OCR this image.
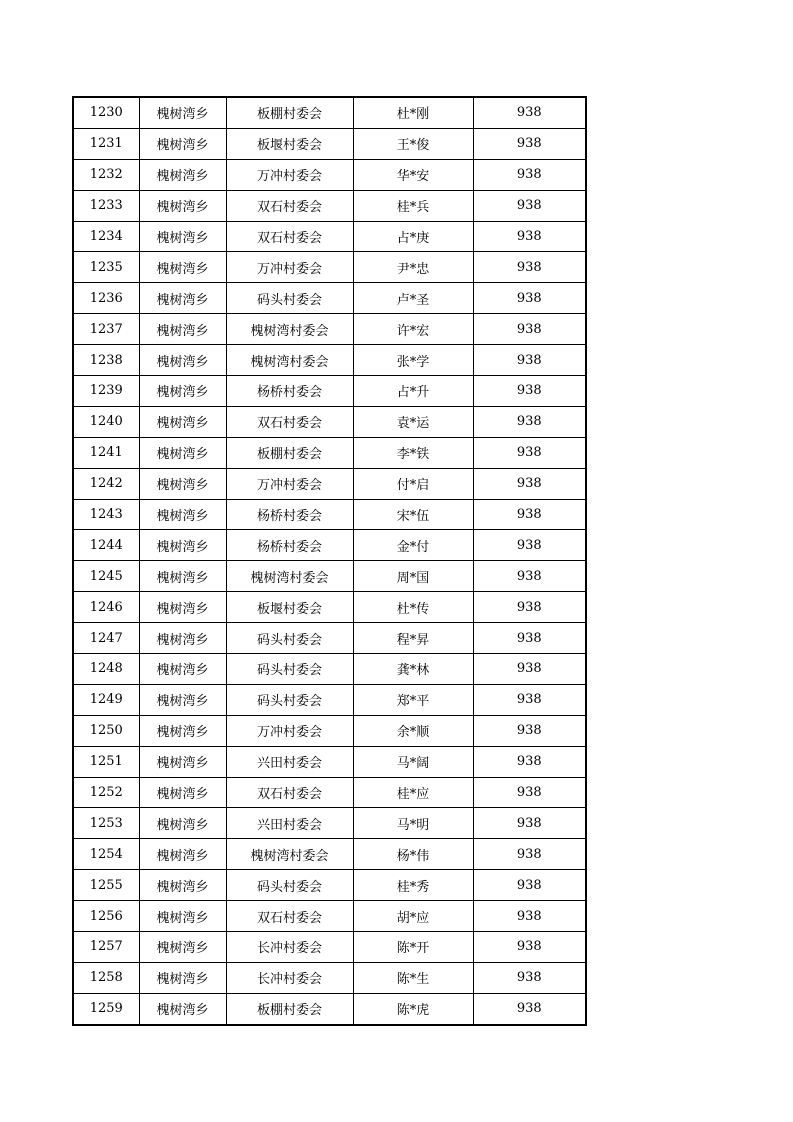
1230	槐树湾乡	板棚村委会	杜*刚	938
1231	槐树湾乡	板堰村委会	王*俊	938
1232	槐树湾乡	万冲村委会	华*安	938
1233	槐树湾乡	双石村委会	桂*兵	938
1234	槐树湾乡	双石村委会	占*庚	938
1235	槐树湾乡	万冲村委会	尹*忠	938
1236	槐树湾乡	码头村委会	卢*圣	938
1237	槐树湾乡	槐树湾村委会	许*宏	938
1238	槐树湾乡	槐树湾村委会	张*学	938
1239	槐树湾乡	杨桥村委会	占*升	938
1240	槐树湾乡	双石村委会	袁*运	938
1241	槐树湾乡	板棚村委会	李*铁	938
1242	槐树湾乡	万冲村委会	付*启	938
1243	槐树湾乡	杨桥村委会	宋*伍	938
1244	槐树湾乡	杨桥村委会	金*付	938
1245	槐树湾乡	槐树湾村委会	周*国	938
1246	槐树湾乡	板堰村委会	杜*传	938
1247	槐树湾乡	码头村委会	程*昇	938
1248	槐树湾乡	码头村委会	龚*林	938
1249	槐树湾乡	码头村委会	郑*平	938
1250	槐树湾乡	万冲村委会	余*顺	938
1251	槐树湾乡	兴田村委会	马*阔	938
1252	槐树湾乡	双石村委会	桂*应	938
1253	槐树湾乡	兴田村委会	马*明	938
1254	槐树湾乡	槐树湾村委会	杨*伟	938
1255	槐树湾乡	码头村委会	桂*秀	938
1256	槐树湾乡	双石村委会	胡*应	938
1257	槐树湾乡	长冲村委会	陈*开	938
1258	槐树湾乡	长冲村委会	陈*生	938
1259	槐树湾乡	板棚村委会	陈*虎	938
